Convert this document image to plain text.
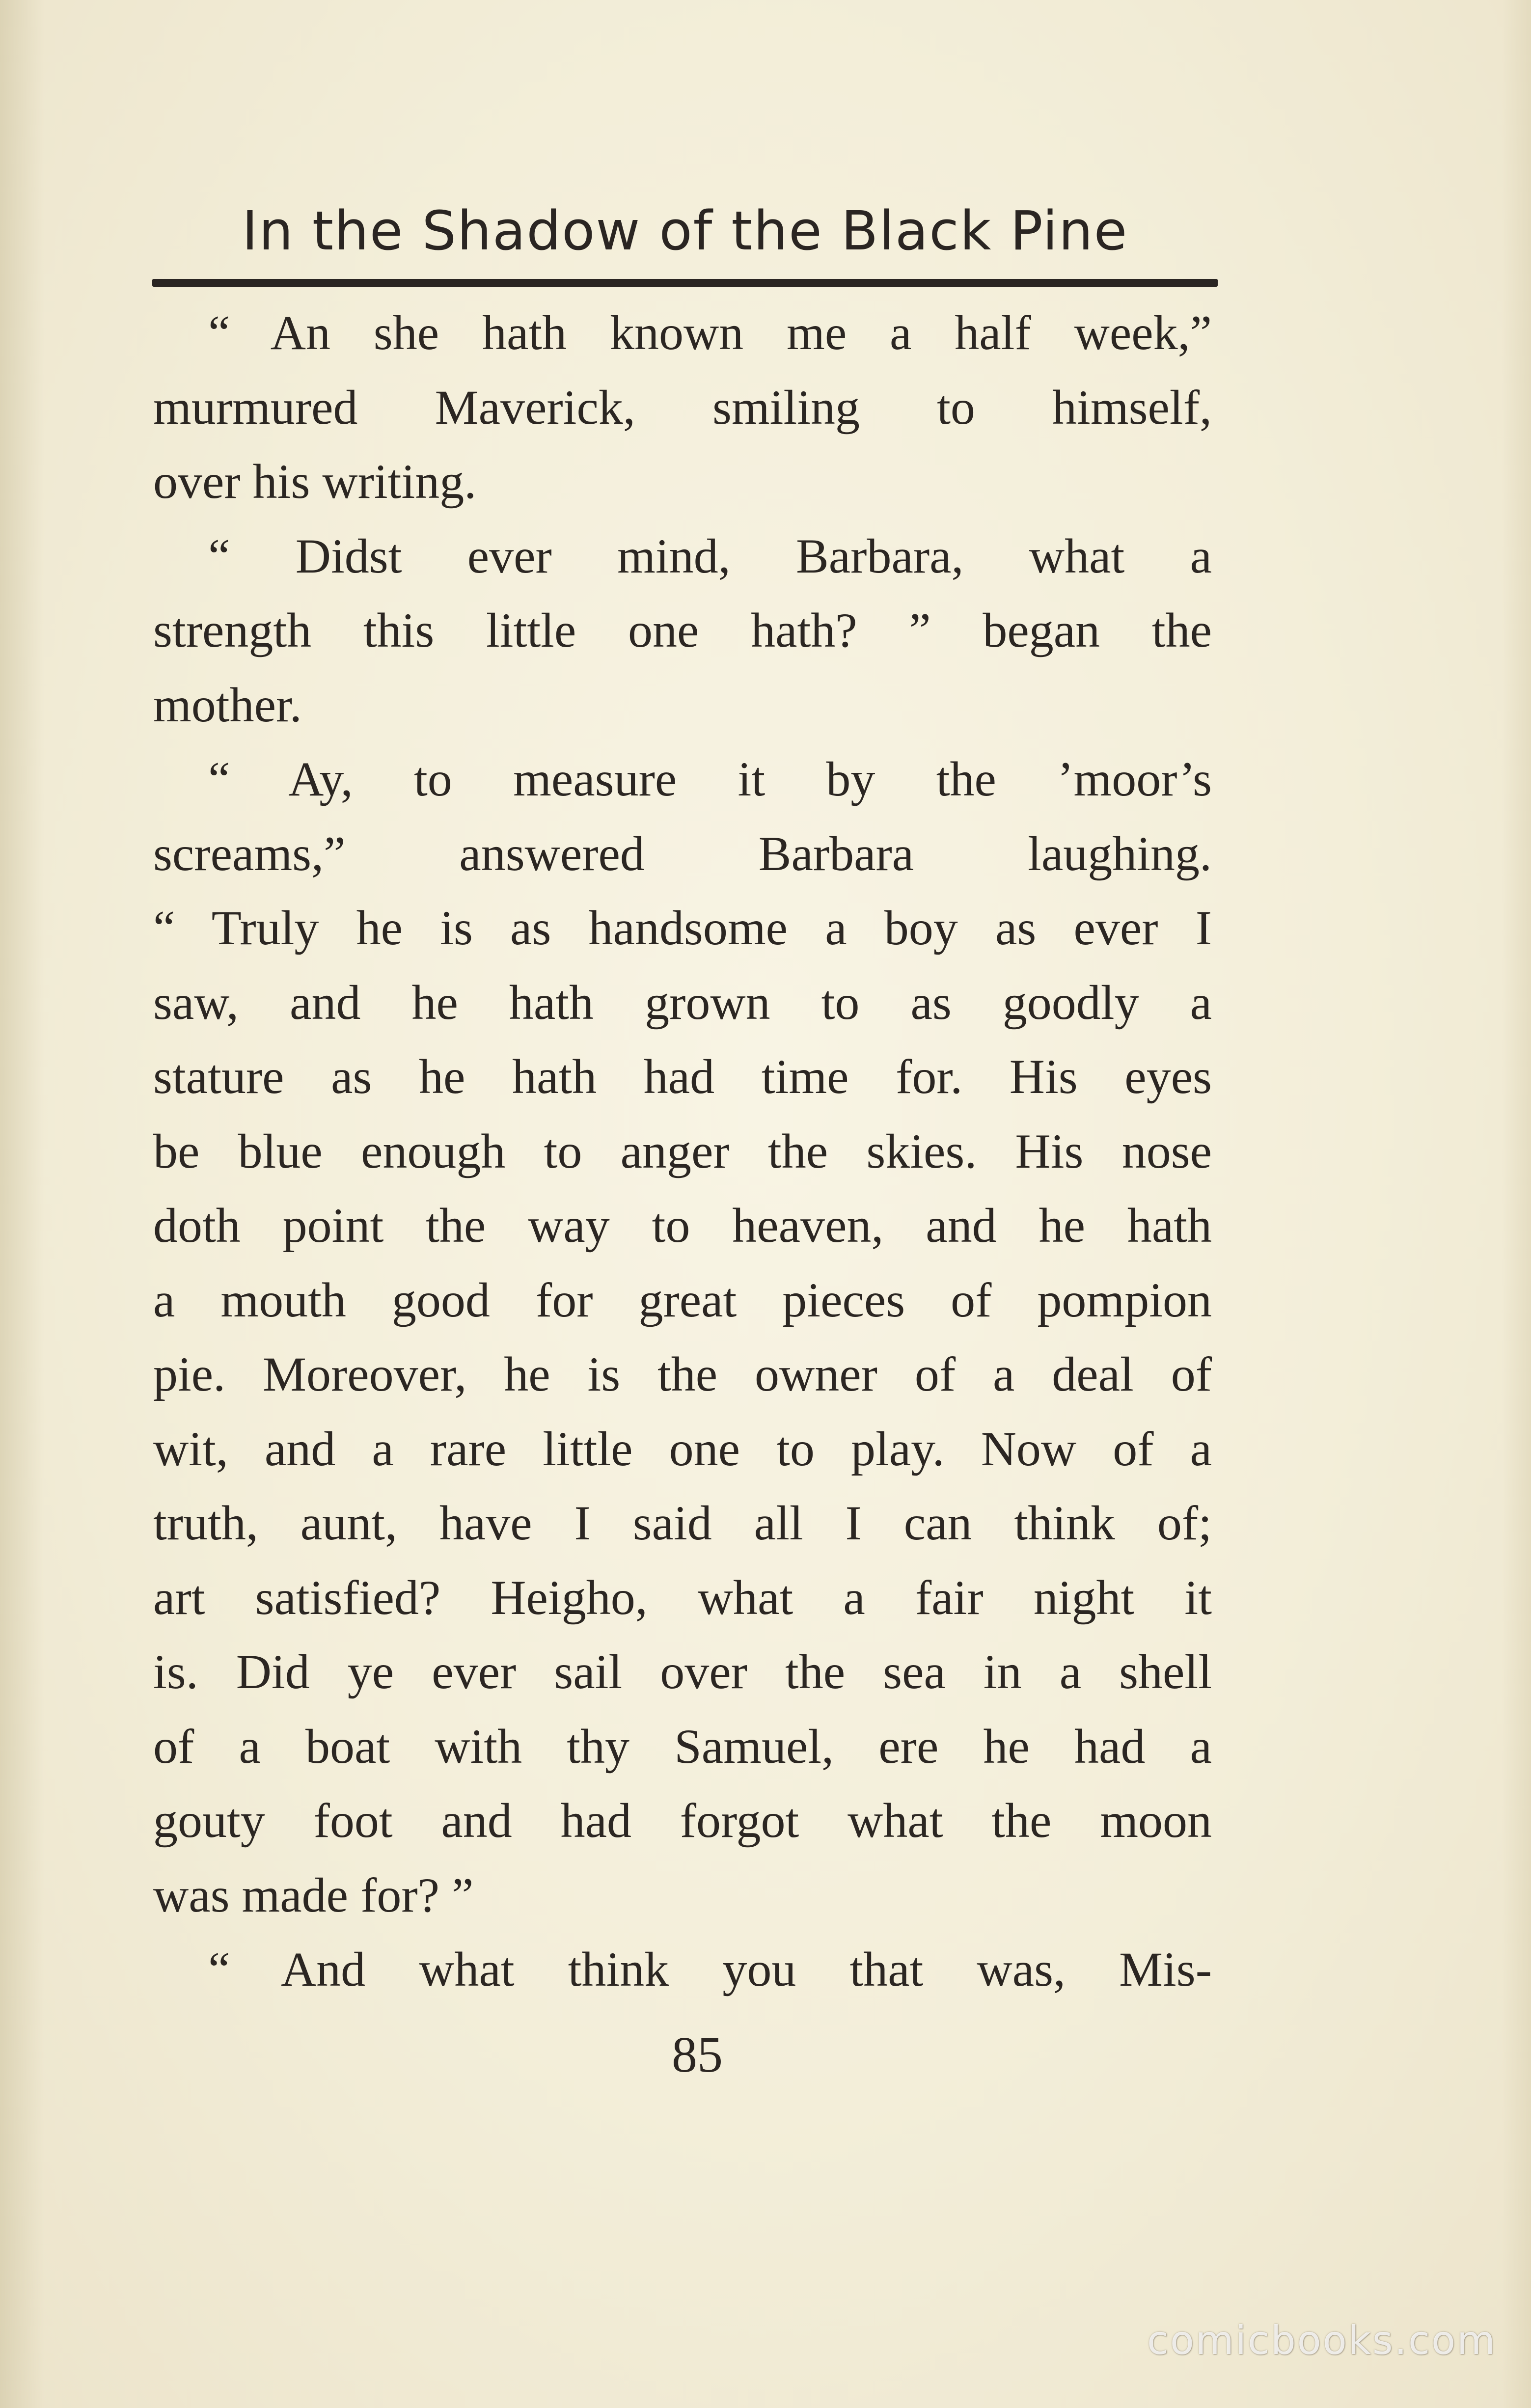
In the Shadow of the Black Pine
“ An she hath known me a half week,”
murmured Maverick, smiling to himself,
over his writing.
“ Didst ever mind, Barbara, what a
strength this little one hath? ” began the
mother.
“ Ay, to measure it by the ’moor’s
screams,” answered Barbara laughing.
“ Truly he is as handsome a boy as ever I
saw, and he hath grown to as goodly a
stature as he hath had time for. His eyes
be blue enough to anger the skies. His nose
doth point the way to heaven, and he hath
a mouth good for great pieces of pompion
pie. Moreover, he is the owner of a deal of
wit, and a rare little one to play. Now of a
truth, aunt, have I said all I can think of;
art satisfied? Heigho, what a fair night it
is. Did ye ever sail over the sea in a shell
of a boat with thy Samuel, ere he had a
gouty foot and had forgot what the moon
was made for? ”
“ And what think you that was, Mis-
85
comicbooks.com
